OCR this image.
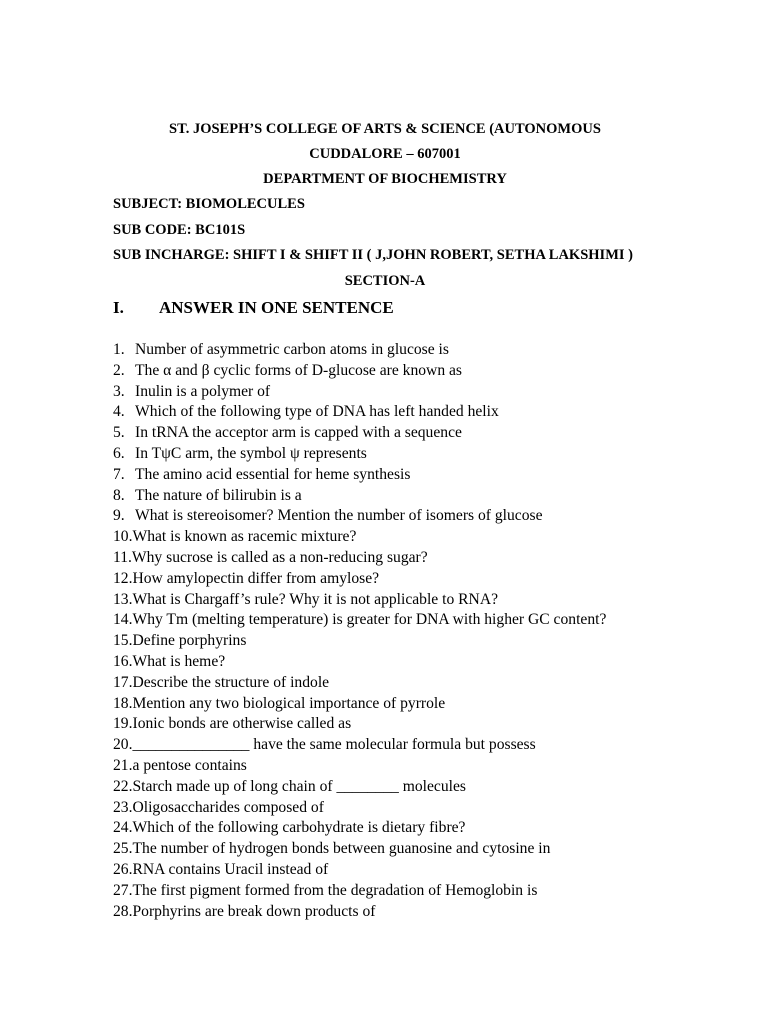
ST. JOSEPH’S COLLEGE OF ARTS & SCIENCE (AUTONOMOUS
CUDDALORE – 607001
DEPARTMENT OF BIOCHEMISTRY
SUBJECT: BIOMOLECULES
SUB CODE: BC101S
SUB INCHARGE: SHIFT I & SHIFT II ( J,JOHN ROBERT, SETHA LAKSHIMI )
SECTION-A
I. ANSWER IN ONE SENTENCE
1. Number of asymmetric carbon atoms in glucose is
2. The α and β cyclic forms of D-glucose are known as
3. Inulin is a polymer of
4. Which of the following type of DNA has left handed helix
5. In tRNA the acceptor arm is capped with a sequence
6. In TψC arm, the symbol ψ represents
7. The amino acid essential for heme synthesis
8. The nature of bilirubin is a
9. What is stereoisomer? Mention the number of isomers of glucose
10. What is known as racemic mixture?
11. Why sucrose is called as a non-reducing sugar?
12. How amylopectin differ from amylose?
13. What is Chargaff’s rule? Why it is not applicable to RNA?
14. Why Tm (melting temperature) is greater for DNA with higher GC content?
15. Define porphyrins
16. What is heme?
17. Describe the structure of indole
18. Mention any two biological importance of pyrrole
19. Ionic bonds are otherwise called as
20. _______________ have the same molecular formula but possess
21. a pentose contains
22. Starch made up of long chain of ________ molecules
23. Oligosaccharides composed of
24. Which of the following carbohydrate is dietary fibre?
25. The number of hydrogen bonds between guanosine and cytosine in
26. RNA contains Uracil instead of
27. The first pigment formed from the degradation of Hemoglobin is
28. Porphyrins are break down products of
